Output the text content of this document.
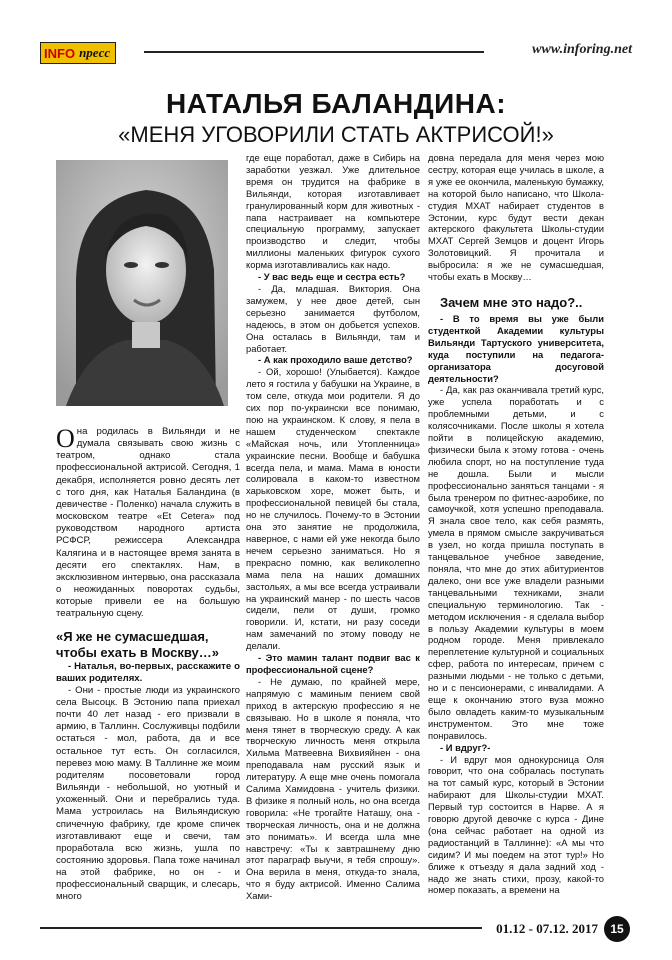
INFO npecc	www.inforing.net
НАТАЛЬЯ БАЛАНДИНА:
«МЕНЯ УГОВОРИЛИ СТАТЬ АКТРИСОЙ!»

Она родилась в Вильянди и не думала связывать свою жизнь с театром, однако стала профессиональной актрисой. Сегодня, 1 декабря, исполняется ровно десять лет с того дня, как Наталья Баландина (в девичестве - Поленко) начала служить в московском театре «Et Cetera» под руководством народного артиста РСФСР, режиссера Александра Калягина и в настоящее время занята в десяти его спектаклях. Нам, в эксклюзивном интервью, она рассказала о неожиданных поворотах судьбы, которые привели ее на большую театральную сцену.

«Я же не сумасшедшая, чтобы ехать в Москву…»

- Наталья, во-первых, расскажите о ваших родителях.

- Они - простые люди из украинского села Высоцк. В Эстонию папа приехал почти 40 лет назад - его призвали в армию, в Таллинн. Сослуживцы подбили остаться - мол, работа, да и все остальное тут есть. Он согласился, перевез мою маму. В Таллинне же моим родителям посоветовали город Вильянди - небольшой, но уютный и ухоженный. Они и перебрались туда. Мама устроилась на Вильяндискую спичечную фабрику, где кроме спичек изготавливают еще и свечи, там проработала всю жизнь, ушла по состоянию здоровья. Папа тоже начинал на этой фабрике, но он - и профессиональный сварщик, и слесарь, много

где еще поработал, даже в Сибирь на заработки уезжал. Уже длительное время он трудится на фабрике в Вильянди, которая изготавливает гранулированный корм для животных - папа настраивает на компьютере специальную программу, запускает производство и следит, чтобы миллионы маленьких фигурок сухого корма изготавливались как надо.

- У вас ведь еще и сестра есть?

- Да, младшая. Виктория. Она замужем, у нее двое детей, сын серьезно занимается футболом, надеюсь, в этом он добьется успехов. Она осталась в Вильянди, там и работает.

- А как проходило ваше детство?

- Ой, хорошо! (Улыбается). Каждое лето я гостила у бабушки на Украине, в том селе, откуда мои родители. Я до сих пор по-украински все понимаю, пою на украинском. К слову, я пела в нашем студенческом спектакле «Майская ночь, или Утопленница» украинские песни. Вообще и бабушка всегда пела, и мама. Мама в юности солировала в каком-то известном харьковском хоре, может быть, и профессиональной певицей бы стала, но не случилось. Почему-то в Эстонии она это занятие не продолжила, наверное, с нами ей уже некогда было нечем серьезно заниматься. Но я прекрасно помню, как великолепно мама пела на наших домашних застольях, а мы все всегда устраивали на украинский манер - по шесть часов сидели, пели от души, громко говорили. И, кстати, ни разу соседи нам замечаний по этому поводу не делали.

- Это мамин талант подвиг вас к профессиональной сцене?

- Не думаю, по крайней мере, напрямую с маминым пением свой приход в актерскую профессию я не связываю. Но в школе я поняла, что меня тянет в творческую среду. А как творческую личность меня открыла Хильма Матвеевна Вихвияйнен - она преподавала нам русский язык и литературу. А еще мне очень помогала Салима Хамидовна - учитель физики. В физике я полный ноль, но она всегда говорила: «Не трогайте Наташу, она - творческая личность, она и не должна это понимать». И всегда шла мне навстречу: «Ты к завтрашнему дню этот параграф выучи, я тебя спрошу». Она верила в меня, откуда-то знала, что я буду актрисой. Именно Салима Хами-

довна передала для меня через мою сестру, которая еще училась в школе, а я уже ее окончила, маленькую бумажку, на которой было написано, что Школа-студия МХАТ набирает студентов в Эстонии, курс будут вести декан актерского факультета Школы-студии МХАТ Сергей Земцов и доцент Игорь Золотовицкий. Я прочитала и выбросила: я же не сумасшедшая, чтобы ехать в Москву…

Зачем мне это надо?..

- В то время вы уже были студенткой Академии культуры Вильянди Тартуского университета, куда поступили на педагога-организатора досуговой деятельности?

- Да, как раз оканчивала третий курс, уже успела поработать и с проблемными детьми, и с колясочниками. После школы я хотела пойти в полицейскую академию, физически была к этому готова - очень любила спорт, но на поступление туда не дошла. Были и мысли профессионально заняться танцами - я была тренером по фитнес-аэробике, по самоучкой, хотя успешно преподавала. Я знала свое тело, как себя размять, умела в прямом смысле закручиваться в узел, но когда пришла поступать в танцевальное учебное заведение, поняла, что мне до этих абитуриентов далеко, они все уже владели разными танцевальными техниками, знали специальную терминологию. Так - методом исключения - я сделала выбор в пользу Академии культуры в моем родном городе. Меня привлекало переплетение культурной и социальных сфер, работа по интересам, причем с разными людьми - не только с детьми, но и с пенсионерами, с инвалидами. А еще к окончанию этого вуза можно было овладеть каким-то музыкальным инструментом. Это мне тоже понравилось.

- И вдруг?-

- И вдруг моя однокурсница Оля говорит, что она собралась поступать на тот самый курс, который в Эстонии набирают для Школы-студии МХАТ. Первый тур состоится в Нарве. А я говорю другой девочке с курса - Дине (она сейчас работает на одной из радиостанций в Таллинне): «А мы что сидим? И мы поедем на этот тур!» Но ближе к отъезду я дала задний ход - надо же знать стихи, прозу, какой-то номер показать, а времени на

01.12 - 07.12. 2017	15
